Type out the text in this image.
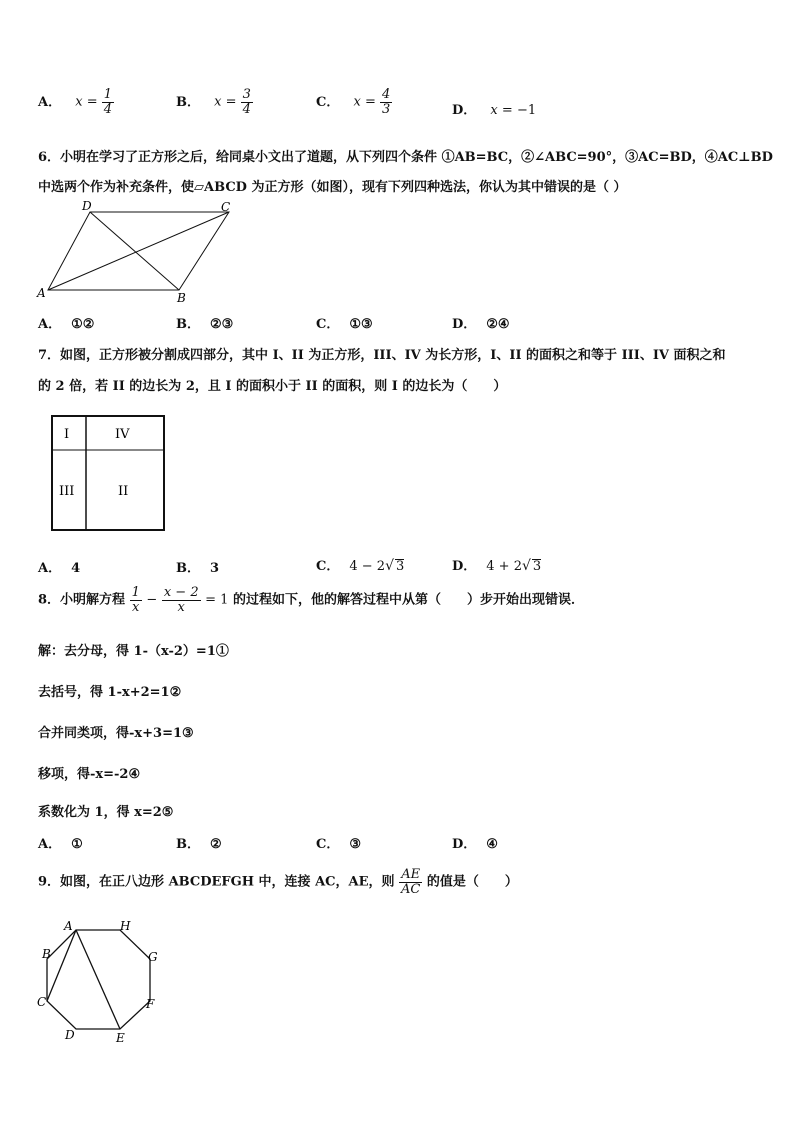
A． $x = \frac{1}{4}$	B． $x = \frac{3}{4}$	C． $x = \frac{4}{3}$	D． x = −1
6．小明在学习了正方形之后，给同桌小文出了道题，从下列四个条件 ①AB=BC，②∠ABC=90°，③AC=BD，④AC⊥BD
中选两个作为补充条件，使▱ABCD 为正方形（如图），现有下列四种选法，你认为其中错误的是（ ）
A	B
C
D
A． ①②	B． ②③	C． ①③	D． ②④
7．如图，正方形被分割成四部分，其中 I、II 为正方形，III、IV 为长方形，I、II 的面积之和等于 III、IV 面积之和
的 2 倍，若 II 的边长为 2，且 I 的面积小于 II 的面积，则 I 的边长为（　　）
I	IV
III	II
A． 4	B． 3	C． 4 − 2√ 3	D． 4 + 2√ 3
8．小明解方程 $\frac{1}{x} - \frac{x - 2}{x} = 1$ 的过程如下，他的解答过程中从第（　　）步开始出现错误．
解：去分母，得 1-（x-2）=1①
去括号，得 1-x+2=1②
合并同类项，得-x+3=1③
移项，得-x=-2④
系数化为 1，得 x=2⑤
A． ①	B． ②	C． ③	D． ④
9．如图，在正八边形 ABCDEFGH 中，连接 AC，AE，则 $\frac{AE}{AC}$ 的值是（　　）
A
B
C
D	E
F
G
H
